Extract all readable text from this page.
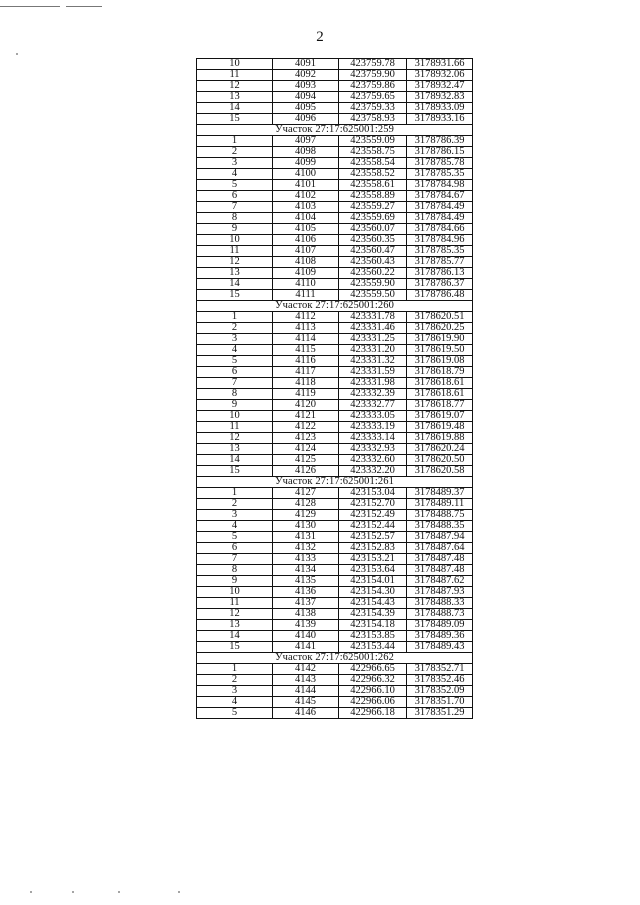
2
10	4091	423759.78	3178931.66
11	4092	423759.90	3178932.06
12	4093	423759.86	3178932.47
13	4094	423759.65	3178932.83
14	4095	423759.33	3178933.09
15	4096	423758.93	3178933.16
Участок 27:17:625001:259			
1	4097	423559.09	3178786.39
2	4098	423558.75	3178786.15
3	4099	423558.54	3178785.78
4	4100	423558.52	3178785.35
5	4101	423558.61	3178784.98
6	4102	423558.89	3178784.67
7	4103	423559.27	3178784.49
8	4104	423559.69	3178784.49
9	4105	423560.07	3178784.66
10	4106	423560.35	3178784.96
11	4107	423560.47	3178785.35
12	4108	423560.43	3178785.77
13	4109	423560.22	3178786.13
14	4110	423559.90	3178786.37
15	4111	423559.50	3178786.48
Участок 27:17:625001:260			
1	4112	423331.78	3178620.51
2	4113	423331.46	3178620.25
3	4114	423331.25	3178619.90
4	4115	423331.20	3178619.50
5	4116	423331.32	3178619.08
6	4117	423331.59	3178618.79
7	4118	423331.98	3178618.61
8	4119	423332.39	3178618.61
9	4120	423332.77	3178618.77
10	4121	423333.05	3178619.07
11	4122	423333.19	3178619.48
12	4123	423333.14	3178619.88
13	4124	423332.93	3178620.24
14	4125	423332.60	3178620.50
15	4126	423332.20	3178620.58
Участок 27:17:625001:261			
1	4127	423153.04	3178489.37
2	4128	423152.70	3178489.11
3	4129	423152.49	3178488.75
4	4130	423152.44	3178488.35
5	4131	423152.57	3178487.94
6	4132	423152.83	3178487.64
7	4133	423153.21	3178487.48
8	4134	423153.64	3178487.48
9	4135	423154.01	3178487.62
10	4136	423154.30	3178487.93
11	4137	423154.43	3178488.33
12	4138	423154.39	3178488.73
13	4139	423154.18	3178489.09
14	4140	423153.85	3178489.36
15	4141	423153.44	3178489.43
Участок 27:17:625001:262			
1	4142	422966.65	3178352.71
2	4143	422966.32	3178352.46
3	4144	422966.10	3178352.09
4	4145	422966.06	3178351.70
5	4146	422966.18	3178351.29
